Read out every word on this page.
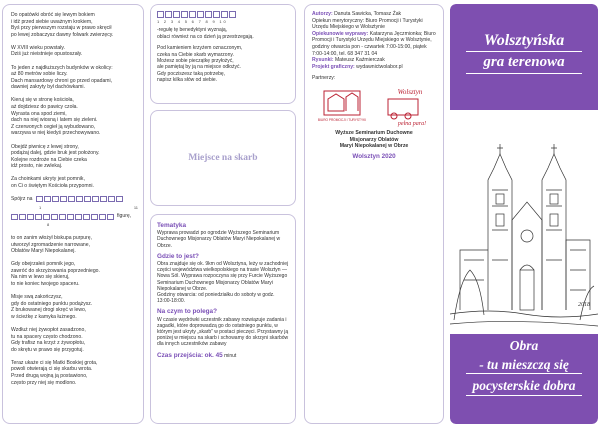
Do opatówki obróć się lewym bokiem
i idź przed siebie uważnym krokiem,
Byś przy pierwszym rozstaju w prawo skręcił
po lewej zobaczysz dawny folwark zwierzęcy.
W XVIII wieku powstały.
Dziś już nieistnieje opustoszały.
To jeden z najdłuższych budynków w okolicy:
aż 80 metrów sobie liczy.
Dach mansardowy chroni go przed opadami,
dawniej zakryty był dachówkami.
Kieruj się w stronę kościoła,
aż dojdziesz do pawicy czoła.
Wyrasta ona spod ziemi,
dach na niej wiosną i latem się zieleni.
Z czerwonych cegieł ją wybudowano,
warzywa w niej kiedyś przechowywano.
Obejdź piwnicę z lewej strony,
podążaj dalej, gdzie bruk jest położony.
Kolejne rozdroże na Ciebie czeka
idź prosto, nie zwlekaj.
Za choinkami ukryty jest pomnik,
on Ci o świętym Kościoła przypomni.
Spójrz na
1	11
figurę,
8
to on zanim włożył biskupa purpurę,
utworzył zgromadzenie narrowane,
Oblatów Maryi Niepokalanej.
Gdy obejrzałeś pomnik jego,
zawróć do skrzyżowania poprzedniego.
Na nim w lewo się skieruj,
to nie koniec twojego spaceru.
Misje swą zakończysz,
gdy do ostatniego punktu podążysz.
Z brukowanej drogi skręć w lewo,
w ścieżkę z kamyka łużnego.
Wzdłuż niej żywopłot zasadzono,
tu na spacery często chodzono.
Gdy trafisz na krzyż z żywopłotu,
do skrętu w prawo się przygotuj.
Teraz ukaże ci się Matki Boskiej grota,
powoli otwierają ci się skarbu wrota.
Przed drugą wojną ją postawiono,
często przy niej się modlono.
1 2 3 4 5 6 7 8 9 10
-regułę tę benedyktyni wyznają,
oblaci również na co dzień ją przestrzegają.
Pod kamieniem krzyżem oznaczonym,
czeka na Ciebie skarb wymarzony.
Możesz sobie pieczątkę przyłożyć,
ale pamiętaj by ją na miejsce odłożyć.
Gdy pocziszesz taką potrzebę,
napisz kilka słów od siebie.
Miejsce na skarb
Tematyka
Wyprawa prowadzi po ogrodzie Wyższego Seminarium Duchownego Misjonarzy Oblatów Maryi Niepokalanej w Obrze.
Gdzie to jest?
Obra znajduje się ok. 9km od Wolsztyna, leży w zachodniej części województwa wielkopolskiego na trasie Wolsztyn — Nowa Sól. Wyprawa rozpoczyna się przy Furcie Wyższego Seminarium Duchownego Misjonarzy Oblatów Maryi Niepokalanej w Obrze.
Godziny otwarcia: od poniedziałku do soboty w godz. 13:00-18:00.
Na czym to polega?
W czasie wędrówki uczestnik zabawy rozwiązuje zadania i zagadki, które doprowadzą go do ostatniego punktu, w którym jest ukryty „skarb” w postaci pieczęci. Przystawny ją poniżej w miejscu na skarb i schowamy do skrzyni skarbów dla innych uczestników zabawy
Czas przejścia: ok. 45 minut
Autorzy: Danuta Sawicka, Tomasz Żak
Opiekun merytoryczny: Biuro Promocji i Turystyki Urzędu Miejskiego w Wolsztynie
Opiekunowie wyprawy: Katarzyna Jęczmionka; Biuro Promocji i Turystyki Urzędu Miejskiego w Wolsztynie, godziny otwarcia pon - czwartek 7:00-15:00, piątek 7:00-14:00, tel. 68 347 31 04
Rysunki: Mateusz Kaźmierczak
Projekt graficzny: wydawnictwolabor.pl
Partnerzy:
BIURO PROMOCJI I TURYSTYKI
Wolsztyn
pełna para!
Wyższe Seminarium Duchowne
Misjonarzy Oblatów
Maryi Niepokalanej w Obrze
Wolsztyn 2020
Wolsztyńska
gra terenowa
2018
Obra
- tu mieszczą się
pocysterskie dobra
